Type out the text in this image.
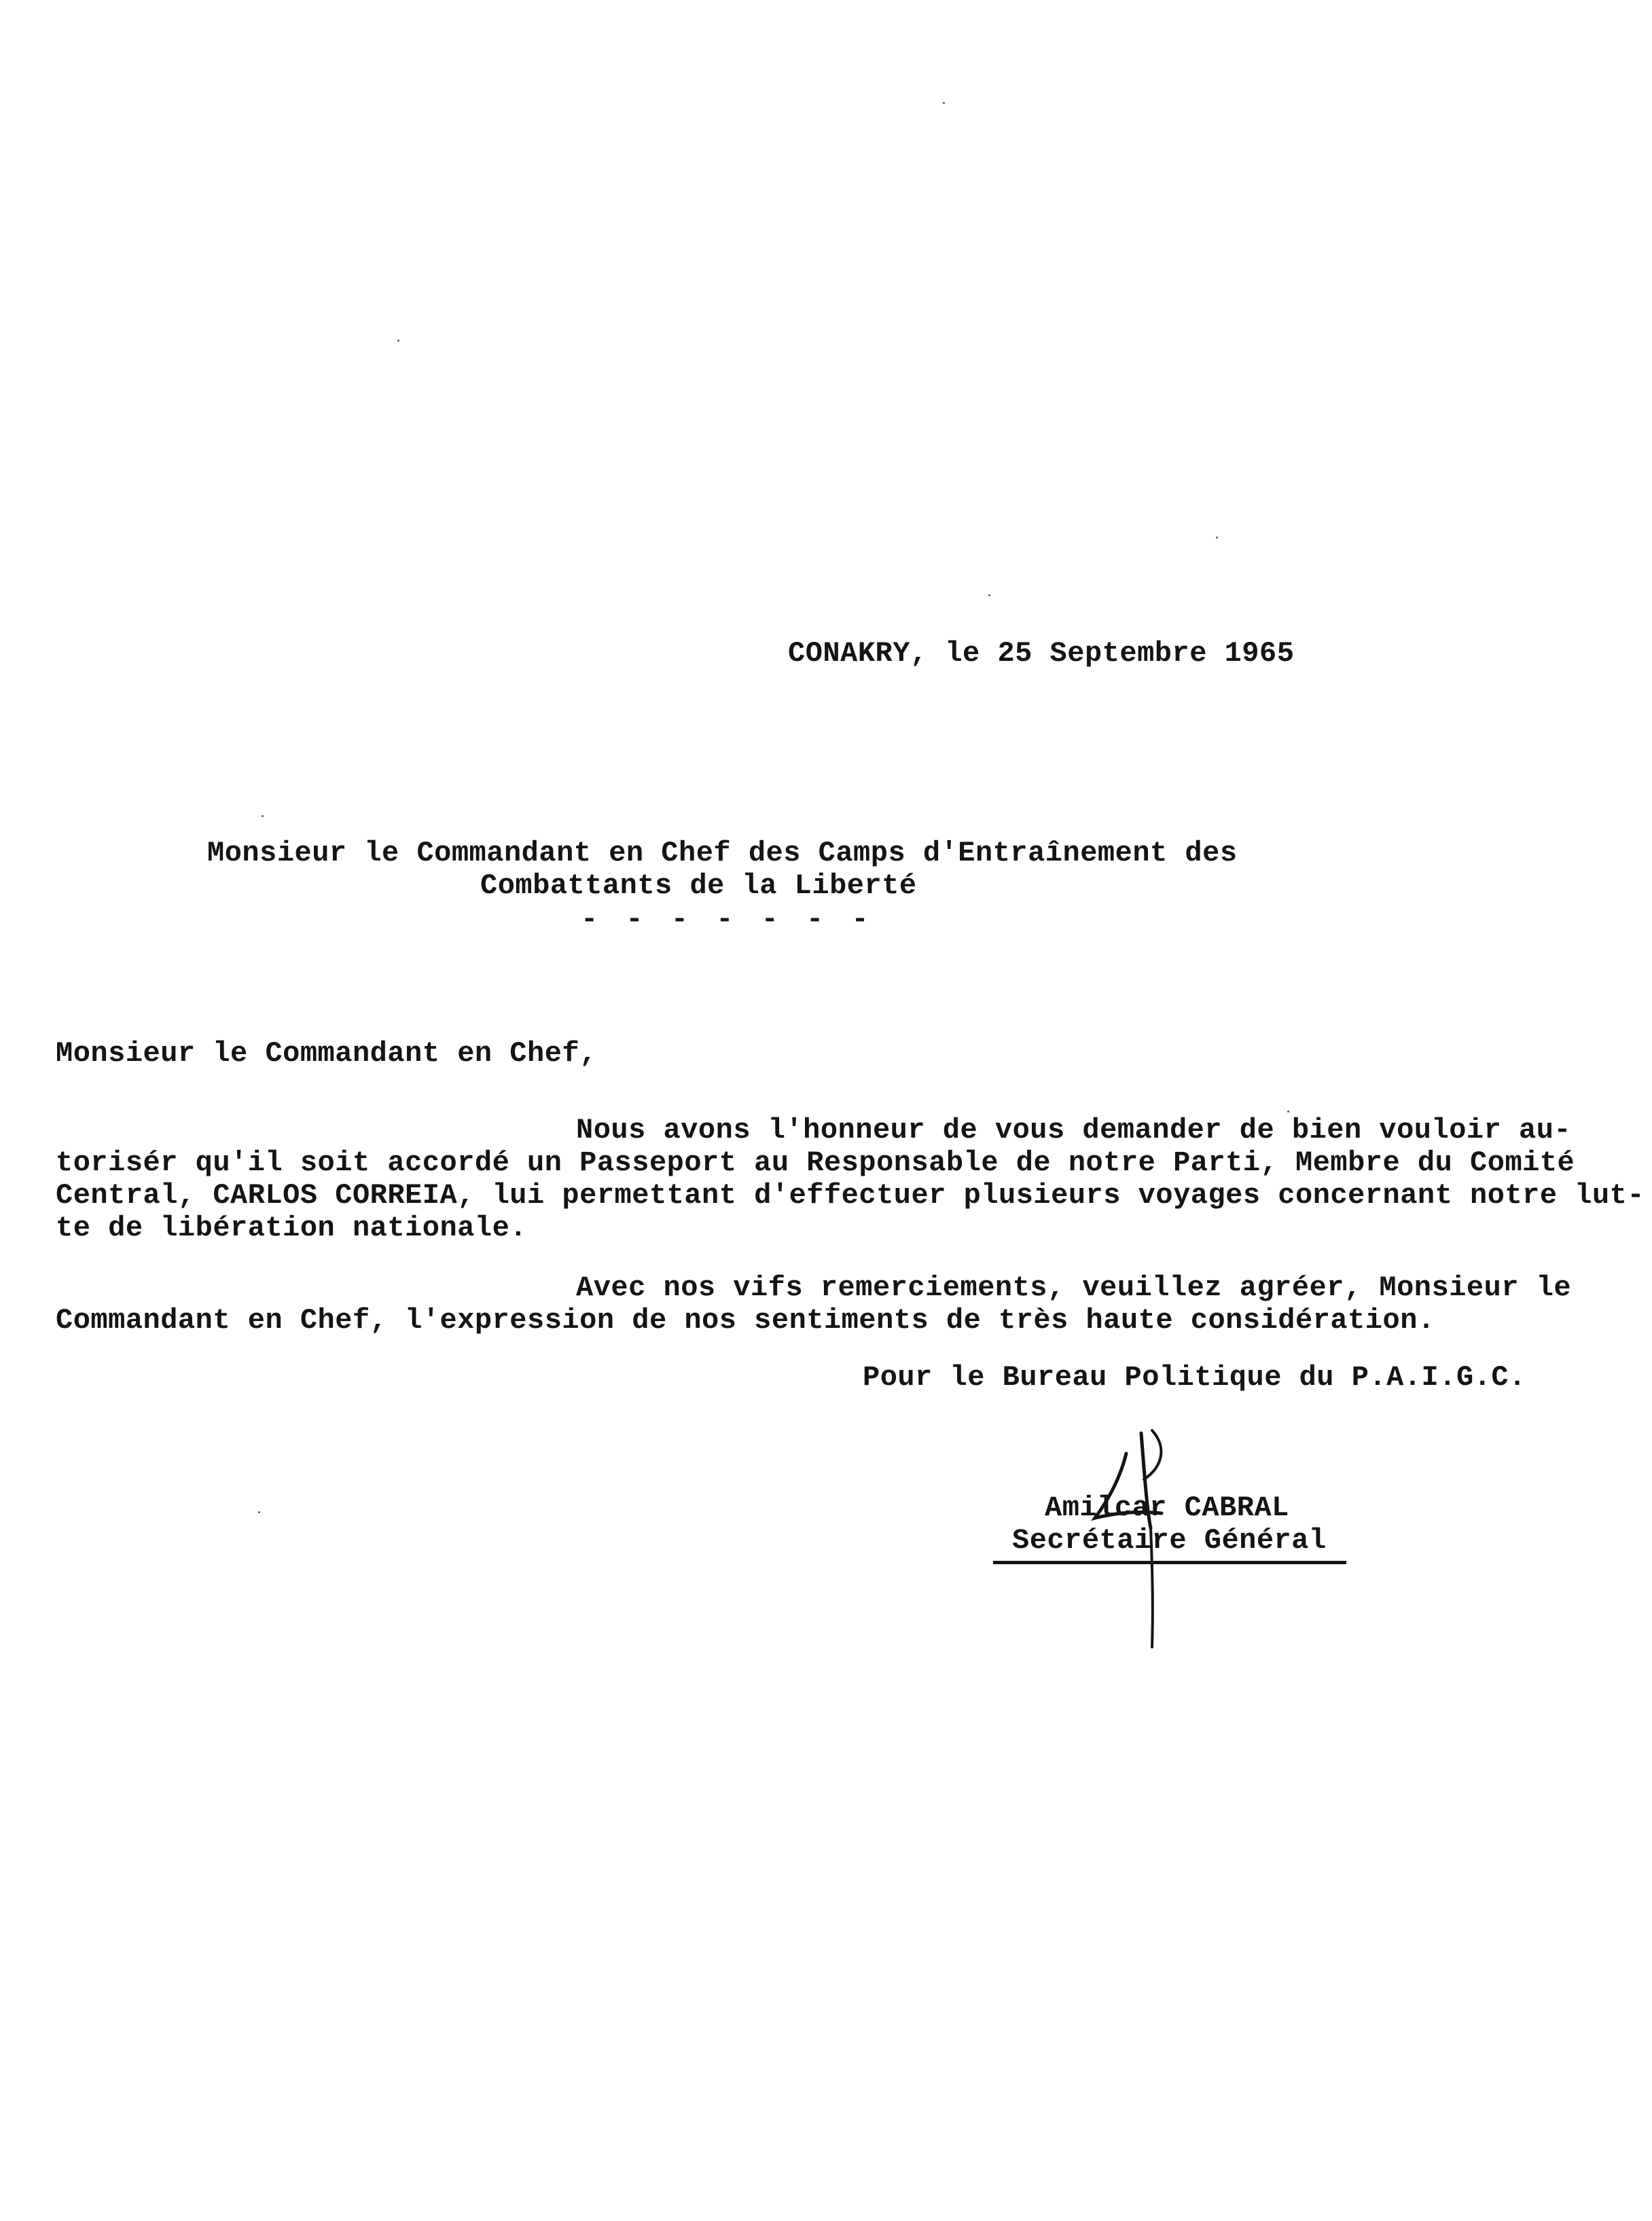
CONAKRY, le 25 Septembre 1965
Monsieur le Commandant en Chef des Camps d'Entraînement des
Combattants de la Liberté
- - - - - - -
Monsieur le Commandant en Chef,
Nous avons l'honneur de vous demander de bien vouloir au-
torisér qu'il soit accordé un Passeport au Responsable de notre Parti, Membre du Comité
Central, CARLOS CORREIA, lui permettant d'effectuer plusieurs voyages concernant notre lut-
te de libération nationale.
Avec nos vifs remerciements, veuillez agréer, Monsieur le
Commandant en Chef, l'expression de nos sentiments de très haute considération.
Pour le Bureau Politique du P.A.I.G.C.
Amilcar CABRAL
Secrétaire Général
